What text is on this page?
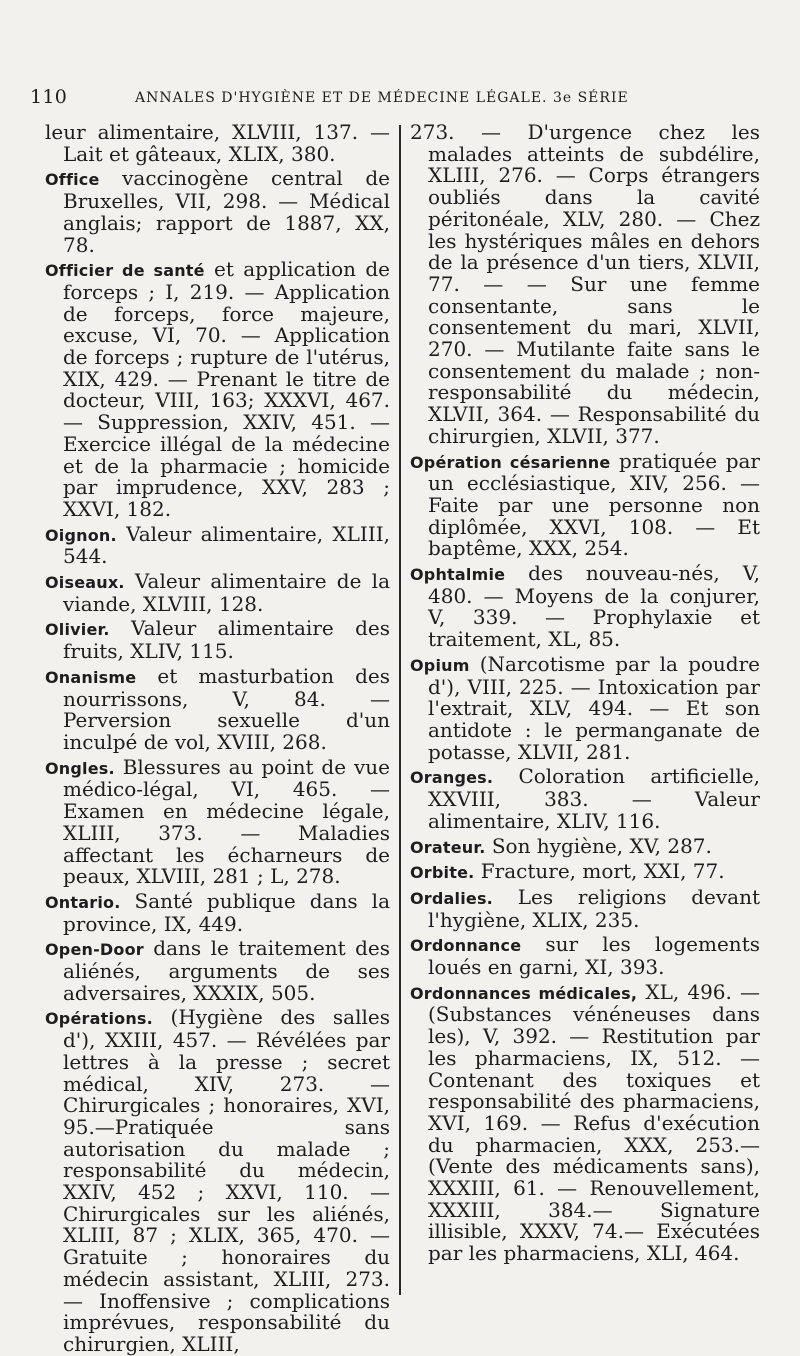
110	ANNALES D'HYGIÈNE ET DE MÉDECINE LÉGALE. 3e SÉRIE

leur alimentaire, XLVIII, 137. — Lait et gâteaux, XLIX, 380.

Office vaccinogène central de Bruxelles, VII, 298. — Médical anglais; rapport de 1887, XX, 78.

Officier de santé et application de forceps ; I, 219. — Application de forceps, force majeure, excuse, VI, 70. — Application de forceps ; rupture de l'utérus, XIX, 429. — Prenant le titre de docteur, VIII, 163; XXXVI, 467.— Suppression, XXIV, 451. — Exercice illégal de la médecine et de la pharmacie ; homicide par imprudence, XXV, 283 ; XXVI, 182.

Oignon. Valeur alimentaire, XLIII, 544.

Oiseaux. Valeur alimentaire de la viande, XLVIII, 128.

Olivier. Valeur alimentaire des fruits, XLIV, 115.

Onanisme et masturbation des nourrissons, V, 84. — Perversion sexuelle d'un inculpé de vol, XVIII, 268.

Ongles. Blessures au point de vue médico-légal, VI, 465. — Examen en médecine légale, XLIII, 373. — Maladies affectant les écharneurs de peaux, XLVIII, 281 ; L, 278.

Ontario. Santé publique dans la province, IX, 449.

Open-Door dans le traitement des aliénés, arguments de ses adversaires, XXXIX, 505.

Opérations. (Hygiène des salles d'), XXIII, 457. — Révélées par lettres à la presse ; secret médical, XIV, 273. — Chirurgicales ; honoraires, XVI, 95.—Pratiquée sans autorisation du malade ; responsabilité du médecin, XXIV, 452 ; XXVI, 110. — Chirurgicales sur les aliénés, XLIII, 87 ; XLIX, 365, 470. — Gratuite ; honoraires du médecin assistant, XLIII, 273. — Inoffensive ; complications imprévues, responsabilité du chirurgien, XLIII,

273. — D'urgence chez les malades atteints de subdélire, XLIII, 276. — Corps étrangers oubliés dans la cavité péritonéale, XLV, 280. — Chez les hystériques mâles en dehors de la présence d'un tiers, XLVII, 77. — — Sur une femme consentante, sans le consentement du mari, XLVII, 270. — Mutilante faite sans le consentement du malade ; non-responsabilité du médecin, XLVII, 364. — Responsabilité du chirurgien, XLVII, 377.

Opération césarienne pratiquée par un ecclésiastique, XIV, 256. — Faite par une personne non diplômée, XXVI, 108. — Et baptême, XXX, 254.

Ophtalmie des nouveau-nés, V, 480. — Moyens de la conjurer, V, 339. — Prophylaxie et traitement, XL, 85.

Opium (Narcotisme par la poudre d'), VIII, 225. — Intoxication par l'extrait, XLV, 494. — Et son antidote : le permanganate de potasse, XLVII, 281.

Oranges. Coloration artificielle, XXVIII, 383. — Valeur alimentaire, XLIV, 116.

Orateur. Son hygiène, XV, 287.

Orbite. Fracture, mort, XXI, 77.

Ordalies. Les religions devant l'hygiène, XLIX, 235.

Ordonnance sur les logements loués en garni, XI, 393.

Ordonnances médicales, XL, 496. — (Substances vénéneuses dans les), V, 392. — Restitution par les pharmaciens, IX, 512. — Contenant des toxiques et responsabilité des pharmaciens, XVI, 169. — Refus d'exécution du pharmacien, XXX, 253.— (Vente des médicaments sans), XXXIII, 61. — Renouvellement, XXXIII, 384.— Signature illisible, XXXV, 74.— Exécutées par les pharmaciens, XLI, 464.
